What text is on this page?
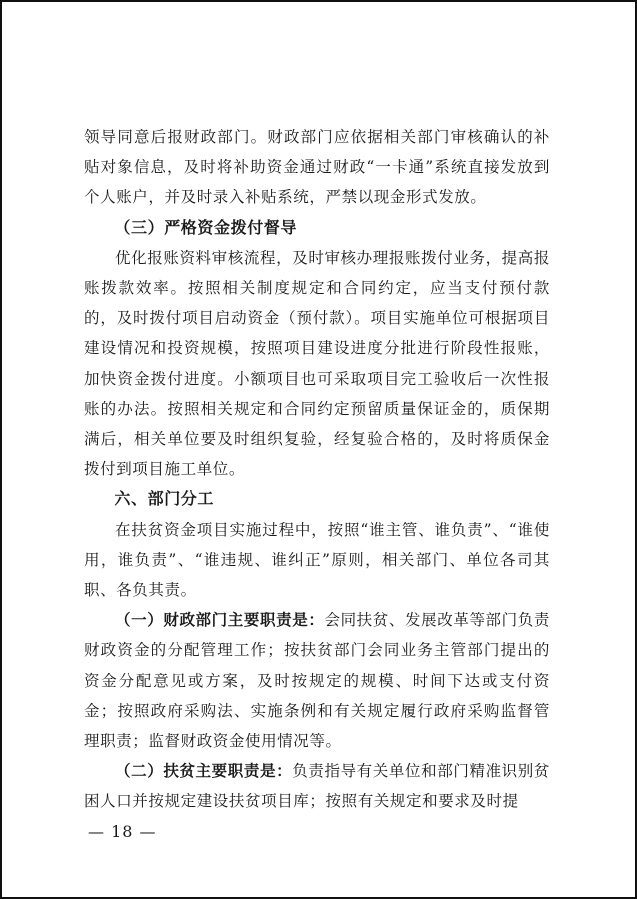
领导同意后报财政部门。财政部门应依据相关部门审核确认的补贴对象信息，及时将补助资金通过财政“一卡通”系统直接发放到个人账户，并及时录入补贴系统，严禁以现金形式发放。

（三）严格资金拨付督导

优化报账资料审核流程，及时审核办理报账拨付业务，提高报账拨款效率。按照相关制度规定和合同约定，应当支付预付款的，及时拨付项目启动资金（预付款）。项目实施单位可根据项目建设情况和投资规模，按照项目建设进度分批进行阶段性报账，加快资金拨付进度。小额项目也可采取项目完工验收后一次性报账的办法。按照相关规定和合同约定预留质量保证金的，质保期满后，相关单位要及时组织复验，经复验合格的，及时将质保金拨付到项目施工单位。

六、部门分工

在扶贫资金项目实施过程中，按照“谁主管、谁负责”、“谁使用，谁负责”、“谁违规、谁纠正”原则，相关部门、单位各司其职、各负其责。

（一）财政部门主要职责是：会同扶贫、发展改革等部门负责财政资金的分配管理工作；按扶贫部门会同业务主管部门提出的资金分配意见或方案，及时按规定的规模、时间下达或支付资金；按照政府采购法、实施条例和有关规定履行政府采购监督管理职责；监督财政资金使用情况等。

（二）扶贫主要职责是：负责指导有关单位和部门精准识别贫困人口并按规定建设扶贫项目库；按照有关规定和要求及时提

— 18 —
